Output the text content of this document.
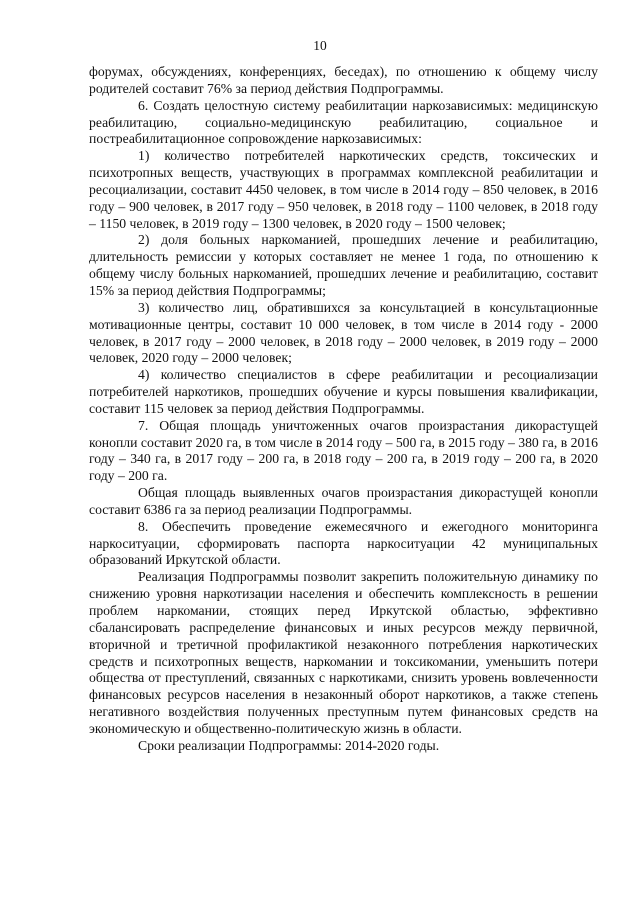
10

форумах, обсуждениях, конференциях, беседах), по отношению к общему числу родителей составит 76% за период действия Подпрограммы.

6. Создать целостную систему реабилитации наркозависимых: медицинскую реабилитацию, социально-медицинскую реабилитацию, социальное и постреабилитационное сопровождение наркозависимых:

1) количество потребителей наркотических средств, токсических и психотропных веществ, участвующих в программах комплексной реабилитации и ресоциализации, составит 4450 человек, в том числе в 2014 году – 850 человек, в 2016 году – 900 человек, в 2017 году – 950 человек, в 2018 году – 1100 человек, в 2018 году – 1150 человек, в 2019 году – 1300 человек, в 2020 году – 1500 человек;

2) доля больных наркоманией, прошедших лечение и реабилитацию, длительность ремиссии у которых составляет не менее 1 года, по отношению к общему числу больных наркоманией, прошедших лечение и реабилитацию, составит 15% за период действия Подпрограммы;

3) количество лиц, обратившихся за консультацией в консультационные мотивационные центры, составит 10 000 человек, в том числе в 2014 году - 2000 человек, в 2017 году – 2000 человек, в 2018 году – 2000 человек, в 2019 году – 2000 человек, 2020 году – 2000 человек;

4) количество специалистов в сфере реабилитации и ресоциализации потребителей наркотиков, прошедших обучение и курсы повышения квалификации, составит 115 человек за период действия Подпрограммы.

7. Общая площадь уничтоженных очагов произрастания дикорастущей конопли составит 2020 га, в том числе в 2014 году – 500 га, в 2015 году – 380 га, в 2016 году – 340 га, в 2017 году – 200 га, в 2018 году – 200 га, в 2019 году – 200 га, в 2020 году – 200 га.

Общая площадь выявленных очагов произрастания дикорастущей конопли составит 6386 га за период реализации Подпрограммы.

8. Обеспечить проведение ежемесячного и ежегодного мониторинга наркоситуации, сформировать паспорта наркоситуации 42 муниципальных образований Иркутской области.

Реализация Подпрограммы позволит закрепить положительную динамику по снижению уровня наркотизации населения и обеспечить комплексность в решении проблем наркомании, стоящих перед Иркутской областью, эффективно сбалансировать распределение финансовых и иных ресурсов между первичной, вторичной и третичной профилактикой незаконного потребления наркотических средств и психотропных веществ, наркомании и токсикомании, уменьшить потери общества от преступлений, связанных с наркотиками, снизить уровень вовлеченности финансовых ресурсов населения в незаконный оборот наркотиков, а также степень негативного воздействия полученных преступным путем финансовых средств на экономическую и общественно-политическую жизнь в области.

Сроки реализации Подпрограммы: 2014-2020 годы.
